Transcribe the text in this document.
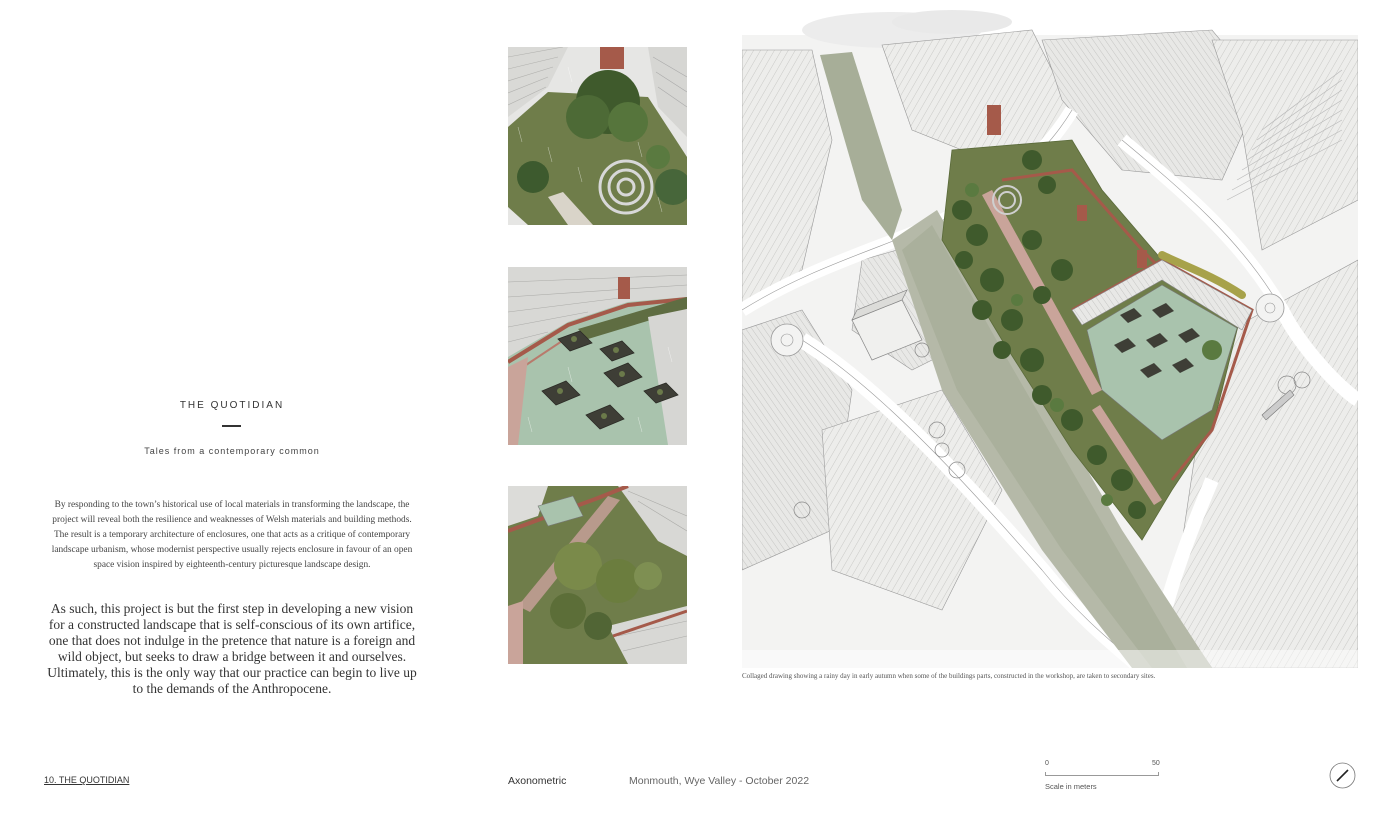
THE QUOTIDIAN
Tales from a contemporary common
By responding to the town’s historical use of local materials in transforming the landscape, the project will reveal both the resilience and weaknesses of Welsh materials and building methods. The result is a temporary architecture of enclosures, one that acts as a critique of contemporary landscape urbanism, whose modernist perspective usually rejects enclosure in favour of an open space vision inspired by eighteenth-century picturesque landscape design.
As such, this project is but the first step in developing a new vision for a constructed landscape that is self-conscious of its own artifice, one that does not indulge in the pretence that nature is a foreign and wild object, but seeks to draw a bridge between it and ourselves. Ultimately, this is the only way that our practice can begin to live up to the demands of the Anthropocene.
Collaged drawing showing a rainy day in early autumn when some of the buildings parts, constructed in the workshop, are taken to secondary sites.
10. THE QUOTIDIAN	Axonometric	Monmouth, Wye Valley - October 2022
0	50
Scale in meters
